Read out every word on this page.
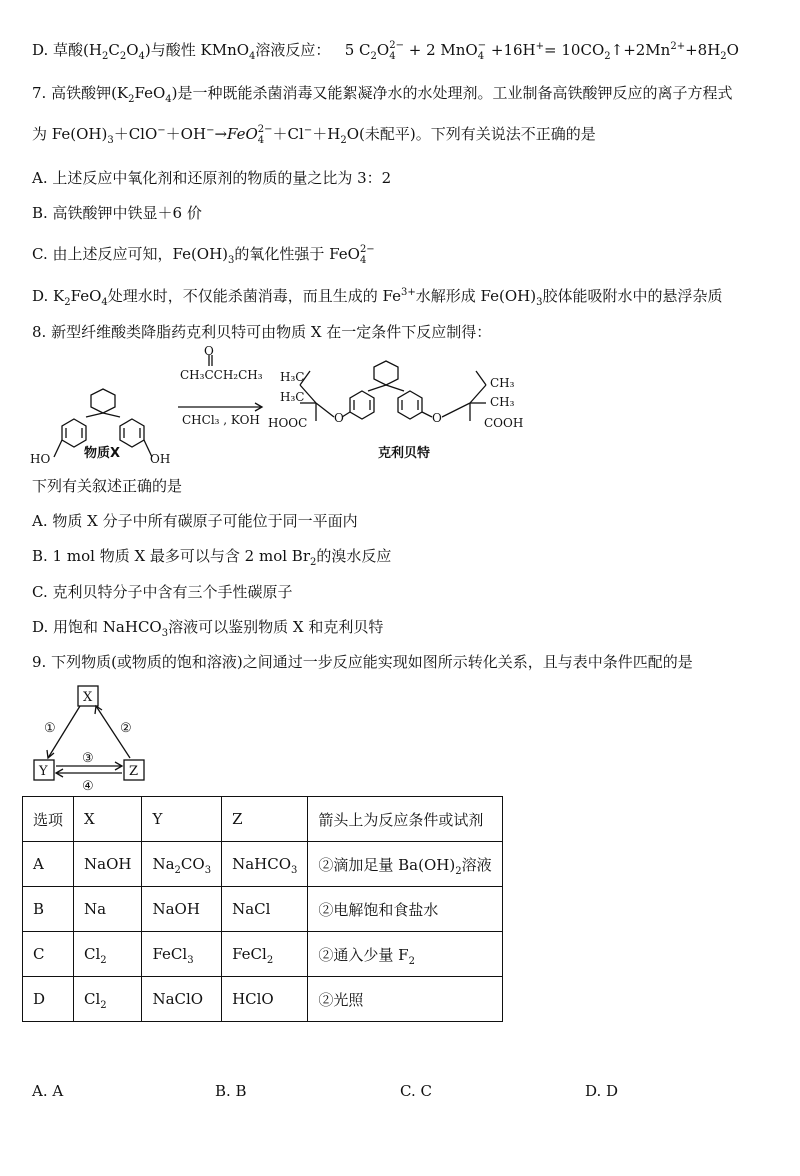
D. 草酸$(H_2C_2O_4)$与酸性 KMnO$_4$溶液反应： 5 $C_2O$ 2−
4 + 2 MnO −
$4 +16H^+= 10CO_2↑+2Mn^{2+}+8H_2O$
7. 高铁酸钾$(K_2FeO_4)$是一种既能杀菌消毒又能絮凝净水的水处理剂。工业制备高铁酸钾反应的离子方程式
为 $Fe(OH)_3+ClO^-+OH^-\to FeO$ 2−
$4 +Cl^-+H_2O$(未配平)。下列有关说法不正确的是
A. 上述反应中氧化剂和还原剂的物质的量之比为 3：2
B. 高铁酸钾中铁显＋6 价
C. 由上述反应可知，$Fe(OH)_3$的氧化性强于 FeO 2−
4
D. $K_2FeO_4$处理水时，不仅能杀菌消毒，而且生成的 $Fe^{3+}$水解形成 $Fe(OH)_3$胶体能吸附水中的悬浮杂质
8. 新型纤维酸类降脂药克利贝特可由物质 X 在一定条件下反应制得：
HO	OH
O
CH₃CCH₂CH₃
CHCl₃ , KOH
H₃C
H₃C
HOOC O	O
CH₃
CH₃
COOH
物质X	克利贝特
下列有关叙述正确的是
A. 物质 X 分子中所有碳原子可能位于同一平面内
B. 1 mol 物质 X 最多可以与含 2 mol $Br_2$的溴水反应
C. 克利贝特分子中含有三个手性碳原子
D. 用饱和 NaHCO$_3$溶液可以鉴别物质 X 和克利贝特
9. 下列物质(或物质的饱和溶液)之间通过一步反应能实现如图所示转化关系，且与表中条件匹配的是
X
Y	Z
①	②
③
④
选项	X	Y	Z	箭头上为反应条件或试剂
A	NaOH	$Na_2CO_3$	NaHCO$_3$	②滴加足量 $Ba(OH)_2$溶液
B	Na	NaOH	NaCl	②电解饱和食盐水
C	$Cl_2$	FeCl$_3$	FeCl$_2$	②通入少量 $F_2$
D	$Cl_2$	NaClO	HClO	②光照
A. A	B. B	C. C	D. D
